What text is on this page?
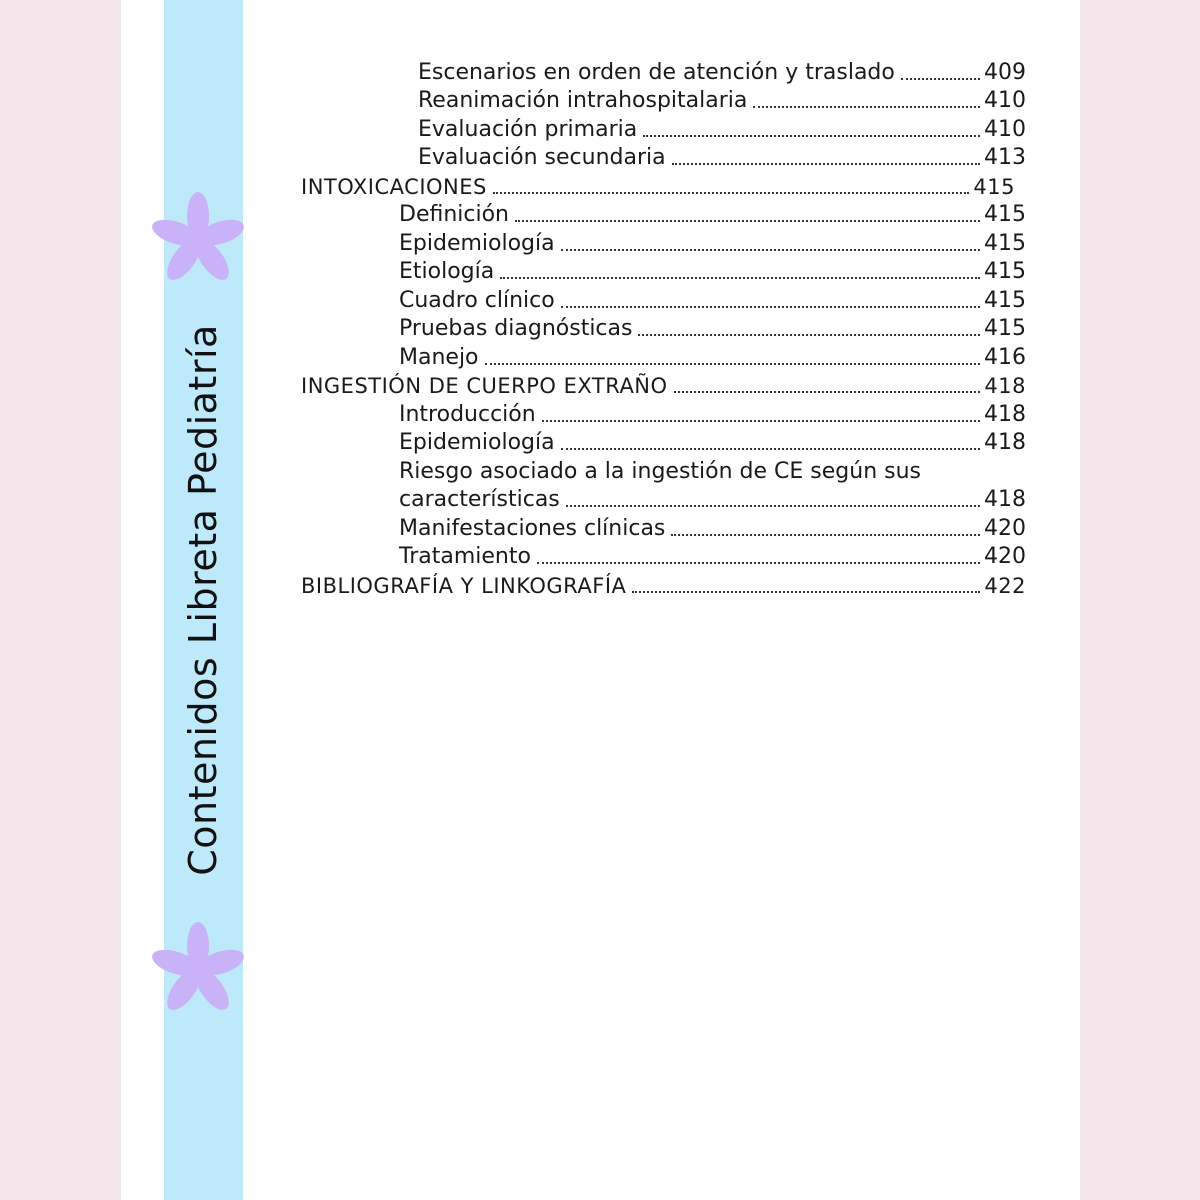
Contenidos Libreta Pediatría
Escenarios en orden de atención y traslado	409
Reanimación intrahospitalaria	410
Evaluación primaria	410
Evaluación secundaria	413
INTOXICACIONES	415
Definición	415
Epidemiología	415
Etiología	415
Cuadro clínico	415
Pruebas diagnósticas	415
Manejo	416
INGESTIÓN DE CUERPO EXTRAÑO	418
Introducción	418
Epidemiología	418
Riesgo asociado a la ingestión de CE según sus
características	418
Manifestaciones clínicas	420
Tratamiento	420
BIBLIOGRAFÍA Y LINKOGRAFÍA	422
